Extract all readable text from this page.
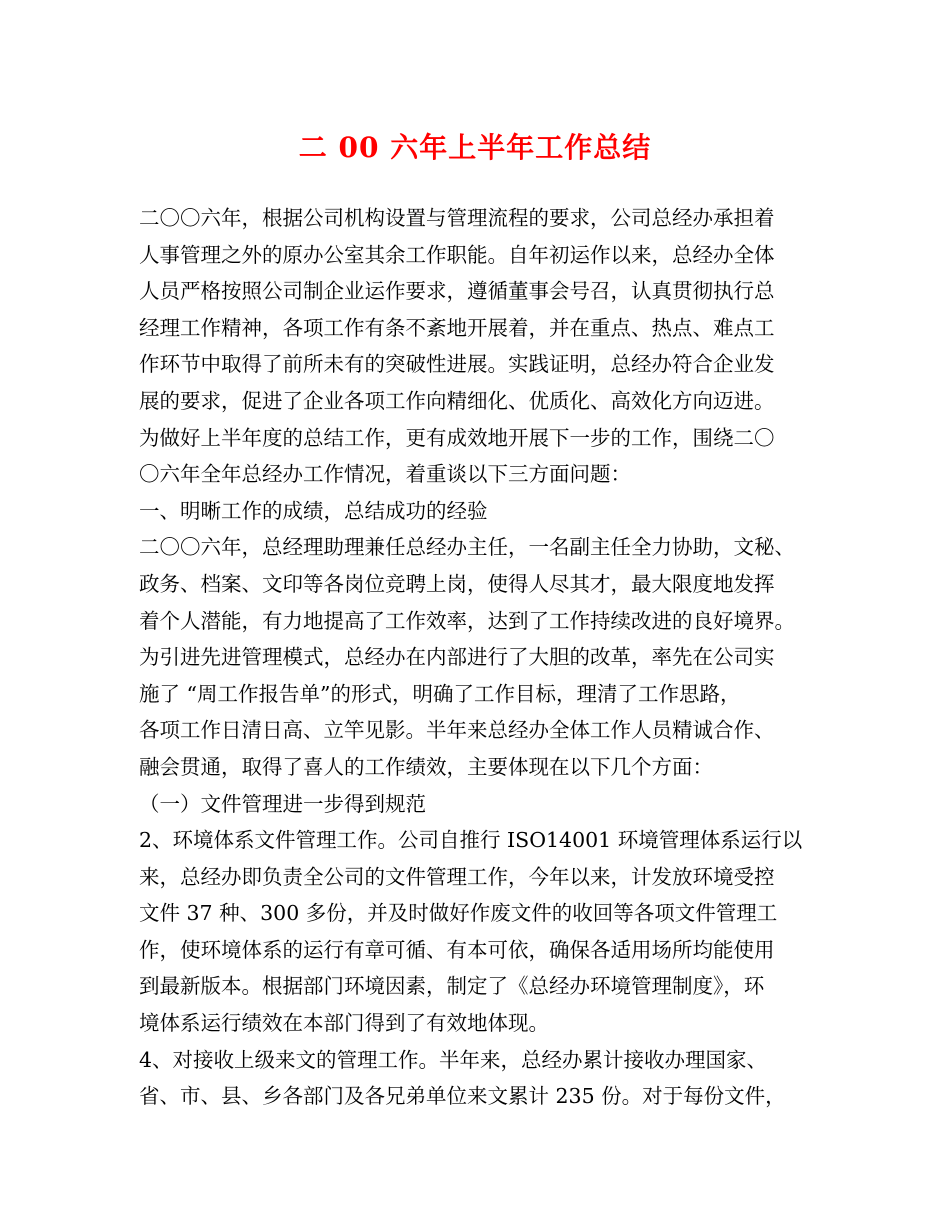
二 00 六年上半年工作总结
二〇〇六年，根据公司机构设置与管理流程的要求，公司总经办承担着
人事管理之外的原办公室其余工作职能。自年初运作以来，总经办全体
人员严格按照公司制企业运作要求，遵循董事会号召，认真贯彻执行总
经理工作精神，各项工作有条不紊地开展着，并在重点、热点、难点工
作环节中取得了前所未有的突破性进展。实践证明，总经办符合企业发
展的要求，促进了企业各项工作向精细化、优质化、高效化方向迈进。
为做好上半年度的总结工作，更有成效地开展下一步的工作，围绕二〇
〇六年全年总经办工作情况，着重谈以下三方面问题：
一、明晰工作的成绩，总结成功的经验
二〇〇六年，总经理助理兼任总经办主任，一名副主任全力协助，文秘、
政务、档案、文印等各岗位竞聘上岗，使得人尽其才，最大限度地发挥
着个人潜能，有力地提高了工作效率，达到了工作持续改进的良好境界。
为引进先进管理模式，总经办在内部进行了大胆的改革，率先在公司实
施了 “周工作报告单”的形式，明确了工作目标，理清了工作思路，
各项工作日清日高、立竿见影。半年来总经办全体工作人员精诚合作、
融会贯通，取得了喜人的工作绩效，主要体现在以下几个方面：
（一）文件管理进一步得到规范
2、环境体系文件管理工作。公司自推行 ISO14001 环境管理体系运行以
来，总经办即负责全公司的文件管理工作，今年以来，计发放环境受控
文件 37 种、300 多份，并及时做好作废文件的收回等各项文件管理工
作，使环境体系的运行有章可循、有本可依，确保各适用场所均能使用
到最新版本。根据部门环境因素，制定了《总经办环境管理制度》，环
境体系运行绩效在本部门得到了有效地体现。
4、对接收上级来文的管理工作。半年来，总经办累计接收办理国家、
省、市、县、乡各部门及各兄弟单位来文累计 235 份。对于每份文件，
